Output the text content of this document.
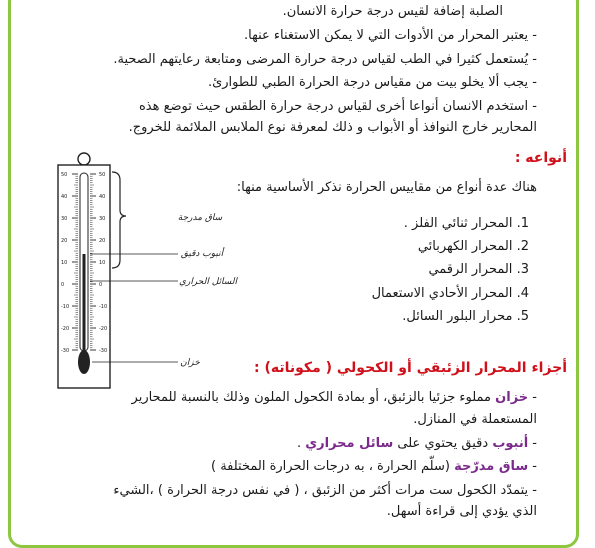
الصلبة إضافة لقيس درجة حرارة الانسان.
- يعتبر المحرار من الأدوات التي لا يمكن الاستغناء عنها.
- يُستعمل كثيرا في الطب لقياس درجة حرارة المرضى ومتابعة رعايتهم الصحية.
- يجب ألا يخلو بيت من مقياس درجة الحرارة الطبي للطوارئ.
- استخدم الانسان أنواعا أخرى لقياس درجة حرارة الطقس حيث توضع هذه
المحارير خارج النوافذ أو الأبواب و ذلك لمعرفة نوع الملابس الملائمة للخروج.
أنواعه :
هناك عدة أنواع من مقاييس الحرارة نذكر الأساسية منها:
1. المحرار ثنائي الفلز .
2. المحرار الكهربائي
3. المحرار الرقمي
4. المحرار الأحادي الاستعمال
5. محرار البلور السائل.
50
40
30
20
10
0
-10
-20
-30
50
40
30
20
10
0
-10
-20
-30
ساق مدرجة
أنبوب دقيق
السائل الحراري
خزان	أجزاء المحرار الزئبقي أو الكحولي ( مكوناته) :
- خزان مملوء جزئيا بالزئبق، أو بمادة الكحول الملون وذلك بالنسبة للمحارير
المستعملة في المنازل.
- أنبوب دقيق يحتوي على سائل محراري .
- ساق مدرّجة (سلّم الحرارة ، به درجات الحرارة المختلفة )
- يتمدّد الكحول ست مرات أكثر من الزئبق ، ( في نفس درجة الحرارة ) ،الشيء
الذي يؤدي إلى قراءة أسهل.
